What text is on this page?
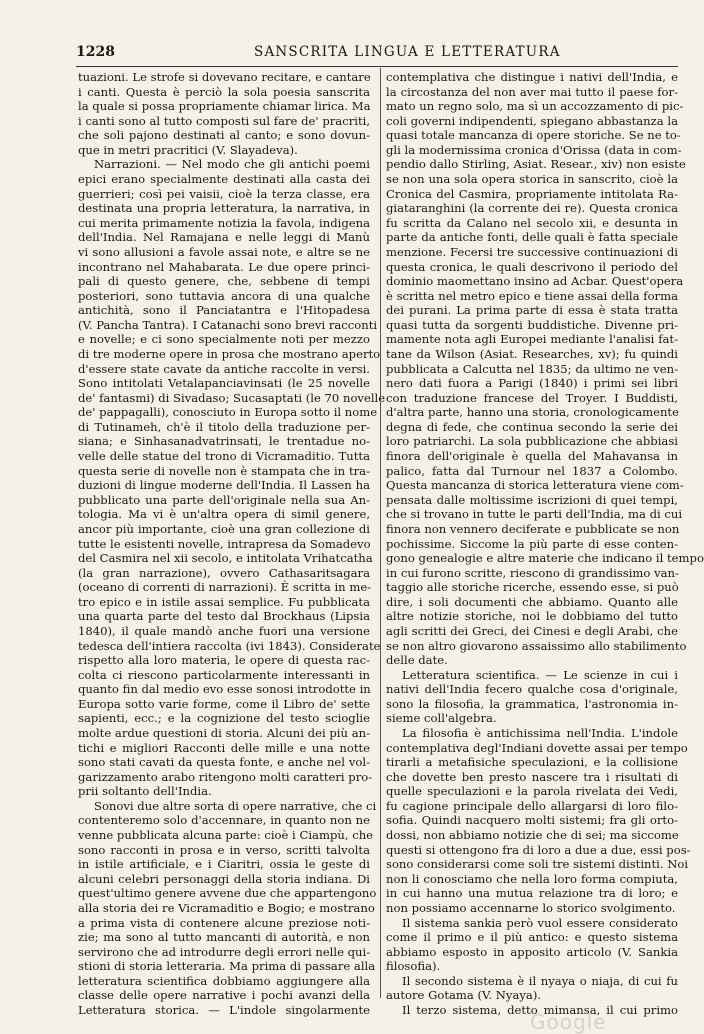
1228	SANSCRITA LINGUA E LETTERATURA
tuazioni. Le strofe si dovevano recitare, e cantare
i canti. Questa è perciò la sola poesia sanscrita
la quale si possa propriamente chiamar lirica. Ma
i canti sono al tutto composti sul fare de' pracriti,
che soli pajono destinati al canto; e sono dovun-
que in metri pracritici (V. Slayadeva).
Narrazioni. — Nel modo che gli antichi poemi
epici erano specialmente destinati alla casta dei
guerrieri; così pei vaisii, cioè la terza classe, era
destinata una propria letteratura, la narrativa, in
cui merita primamente notizia la favola, indigena
dell'India. Nel Ramajana e nelle leggi di Manù
vi sono allusioni a favole assai note, e altre se ne
incontrano nel Mahabarata. Le due opere princi-
pali di questo genere, che, sebbene di tempi
posteriori, sono tuttavia ancora di una qualche
antichità, sono il Panciatantra e l'Hitopadesa
(V. Pancha Tantra). I Catanachi sono brevi racconti
e novelle; e ci sono specialmente noti per mezzo
di tre moderne opere in prosa che mostrano aperto
d'essere state cavate da antiche raccolte in versi.
Sono intitolati Vetalapanciavinsati (le 25 novelle
de' fantasmi) di Sivadaso; Sucasaptati (le 70 novelle
de' pappagalli), conosciuto in Europa sotto il nome
di Tutinameh, ch'è il titolo della traduzione per-
siana; e Sinhasanadvatrinsati, le trentadue no-
velle delle statue del trono di Vicramaditio. Tutta
questa serie di novelle non è stampata che in tra-
duzioni di lingue moderne dell'India. Il Lassen ha
pubblicato una parte dell'originale nella sua An-
tologia. Ma vi è un'altra opera di simil genere,
ancor più importante, cioè una gran collezione di
tutte le esistenti novelle, intrapresa da Somadevo
del Casmira nel xii secolo, e intitolata Vrihatcatha
(la gran narrazione), ovvero Cathasaritsagara
(oceano di correnti di narrazioni). È scritta in me-
tro epico e in istile assai semplice. Fu pubblicata
una quarta parte del testo dal Brockhaus (Lipsia
1840), il quale mandò anche fuori una versione
tedesca dell'intiera raccolta (ivi 1843). Considerate
rispetto alla loro materia, le opere di questa rac-
colta ci riescono particolarmente interessanti in
quanto fin dal medio evo esse sonosi introdotte in
Europa sotto varie forme, come il Libro de' sette
sapienti, ecc.; e la cognizione del testo scioglie
molte ardue questioni di storia. Alcuni dei più an-
tichi e migliori Racconti delle mille e una notte
sono stati cavati da questa fonte, e anche nel vol-
garizzamento arabo ritengono molti caratteri pro-
prii soltanto dell'India.
Sonovi due altre sorta di opere narrative, che ci
contenteremo solo d'accennare, in quanto non ne
venne pubblicata alcuna parte: cioè i Ciampù, che
sono racconti in prosa e in verso, scritti talvolta
in istile artificiale, e i Ciaritri, ossia le geste di
alcuni celebri personaggi della storia indiana. Di
quest'ultimo genere avvene due che appartengono
alla storia dei re Vicramaditio e Bogio; e mostrano
a prima vista di contenere alcune preziose noti-
zie; ma sono al tutto mancanti di autorità, e non
servirono che ad introdurre degli errori nelle qui-
stioni di storia letteraria. Ma prima di passare alla
letteratura scientifica dobbiamo aggiungere alla
classe delle opere narrative i pochi avanzi della
Letteratura storica. — L'indole singolarmente
contemplativa che distingue i nativi dell'India, e
la circostanza del non aver mai tutto il paese for-
mato un regno solo, ma sì un accozzamento di pic-
coli governi indipendenti, spiegano abbastanza la
quasi totale mancanza di opere storiche. Se ne to-
gli la modernissima cronica d'Orissa (data in com-
pendio dallo Stirling, Asiat. Resear., xiv) non esiste
se non una sola opera storica in sanscrito, cioè la
Cronica del Casmira, propriamente intitolata Ra-
giataranghini (la corrente dei re). Questa cronica
fu scritta da Calano nel secolo xii, e desunta in
parte da antiche fonti, delle quali è fatta speciale
menzione. Fecersi tre successive continuazioni di
questa cronica, le quali descrivono il periodo del
dominio maomettano insino ad Acbar. Quest'opera
è scritta nel metro epico e tiene assai della forma
dei purani. La prima parte di essa è stata tratta
quasi tutta da sorgenti buddistiche. Divenne pri-
mamente nota agli Europei mediante l'analisi fat-
tane da Wilson (Asiat. Researches, xv); fu quindi
pubblicata a Calcutta nel 1835; da ultimo ne ven-
nero dati fuora a Parigi (1840) i primi sei libri
con traduzione francese del Troyer. I Buddisti,
d'altra parte, hanno una storia, cronologicamente
degna di fede, che continua secondo la serie dei
loro patriarchi. La sola pubblicazione che abbiasi
finora dell'originale è quella del Mahavansa in
palico, fatta dal Turnour nel 1837 a Colombo.
Questa mancanza di storica letteratura viene com-
pensata dalle moltissime iscrizioni di quei tempi,
che si trovano in tutte le parti dell'India, ma di cui
finora non vennero deciferate e pubblicate se non
pochissime. Siccome la più parte di esse conten-
gono genealogie e altre materie che indicano il tempo
in cui furono scritte, riescono di grandissimo van-
taggio alle storiche ricerche, essendo esse, si può
dire, i soli documenti che abbiamo. Quanto alle
altre notizie storiche, noi le dobbiamo del tutto
agli scritti dei Greci, dei Cinesi e degli Arabi, che
se non altro giovarono assaissimo allo stabilimento
delle date.
Letteratura scientifica. — Le scienze in cui i
nativi dell'India fecero qualche cosa d'originale,
sono la filosofia, la grammatica, l'astronomia in-
sieme coll'algebra.
La filosofia è antichissima nell'India. L'indole
contemplativa degl'Indiani dovette assai per tempo
tirarli a metafisiche speculazioni, e la collisione
che dovette ben presto nascere tra i risultati di
quelle speculazioni e la parola rivelata dei Vedi,
fu cagione principale dello allargarsi di loro filo-
sofia. Quindi nacquero molti sistemi; fra gli orto-
dossi, non abbiamo notizie che di sei; ma siccome
questi si ottengono fra di loro a due a due, essi pos-
sono considerarsi come soli tre sistemi distinti. Noi
non li conosciamo che nella loro forma compiuta,
in cui hanno una mutua relazione tra di loro; e
non possiamo accennarne lo storico svolgimento.
Il sistema sankia però vuol essere considerato
come il primo e il più antico: e questo sistema
abbiamo esposto in apposito articolo (V. Sankia
filosofia).
Il secondo sistema è il nyaya o niaja, di cui fu
autore Gotama (V. Nyaya).
Il terzo sistema, detto mimansa, il cui primo
Google
